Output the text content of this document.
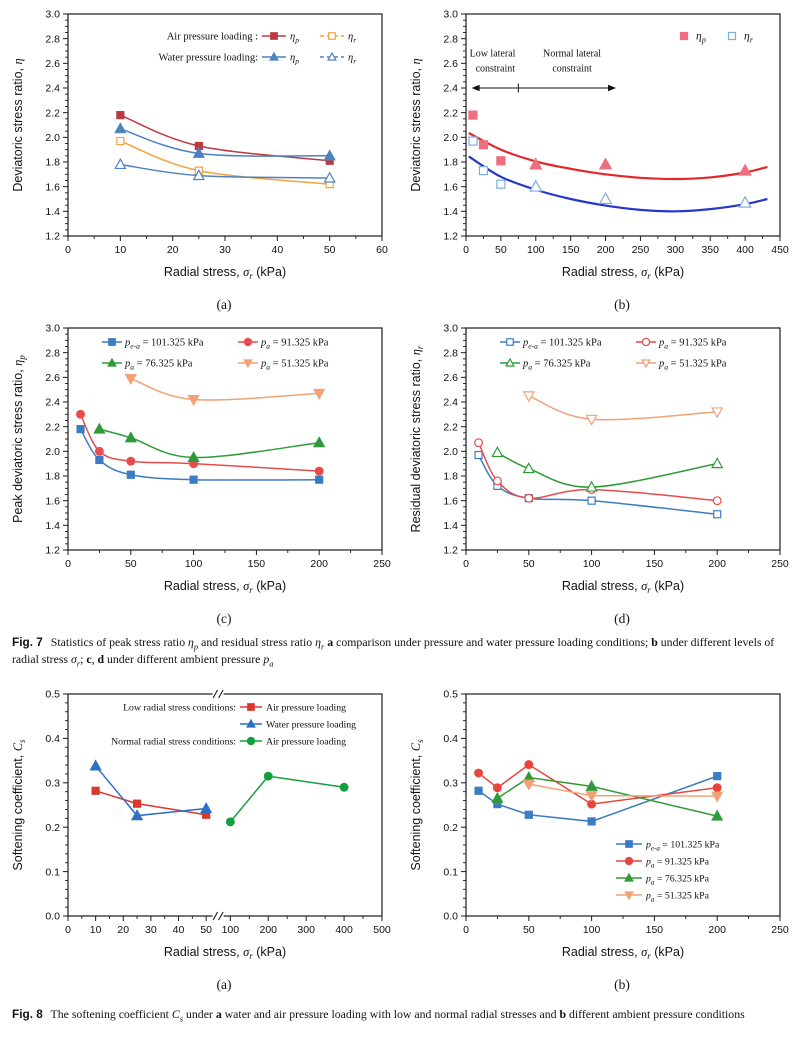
0	10	20	30	40	50	60
1.2
1.4
1.6
1.8
2.0
2.2
2.4
2.6
2.8
3.0
Air pressure loading :	$\eta_p$	$\eta_r$
Water pressure loading:	$\eta_p$	$\eta_r$
Radial stress, $\sigma_r$ (kPa)
Deviatoric stress ratio, η
(a)
0 50 100 150 200 250 300 350 400 450
1.2
1.4
1.6
1.8
2.0
2.2
2.4
2.6
2.8
3.0
Low lateral
constraint
Normal lateral
constraint
$\eta_p$	$\eta_r$
Radial stress, $\sigma_r$ (kPa)
Deviatoric stress ratio, η
(b)
0	50	100	150	200	250
1.2
1.4
1.6
1.8
2.0
2.2
2.4
2.6
2.8
3.0
$p_{e-a} = 101.325$ kPa	$p_a = 91.325$ kPa
$p_a = 76.325$ kPa	$p_a = 51.325$ kPa
Radial stress, $\sigma_r$ (kPa)
Peak deviatoric stress ratio, $\eta_p$
(c)
0	50	100	150	200	250
1.2
1.4
1.6
1.8
2.0
2.2
2.4
2.6
2.8
3.0
$p_{e-a} = 101.325$ kPa	$p_a = 91.325$ kPa
$p_a = 76.325$ kPa	$p_a = 51.325$ kPa
Radial stress, $\sigma_r$ (kPa)
Residual deviatoric stress ratio, $\eta_r$
(d)
Fig. 7 Statistics of peak stress ratio $\eta_p$ and residual stress ratio $\eta_r$ a comparison under pressure and water pressure loading conditions; b under different levels of radial stress $\sigma_r$; c, d under different ambient pressure $p_a$
0 10 20 30 40 50 100 200 300 400 500
0.0
0.1
0.2
0.3
0.4
0.5
Low radial stress conditions:	Air pressure loading
Water pressure loading
Normal radial stress conditions:	Air pressure loading
Radial stress, $\sigma_r$ (kPa)
Softening coefficient, $C_s$
(a)
0	50	100	150	200	250
0.0
0.1
0.2
0.3
0.4
0.5
$p_{e-a} = 101.325$ kPa
$p_a = 91.325$ kPa
$p_a = 76.325$ kPa
$p_a = 51.325$ kPa
Radial stress, $\sigma_r$ (kPa)
Softening coefficient, $C_s$
(b)
Fig. 8 The softening coefficient $C_s$ under a water and air pressure loading with low and normal radial stresses and b different ambient pressure conditions
